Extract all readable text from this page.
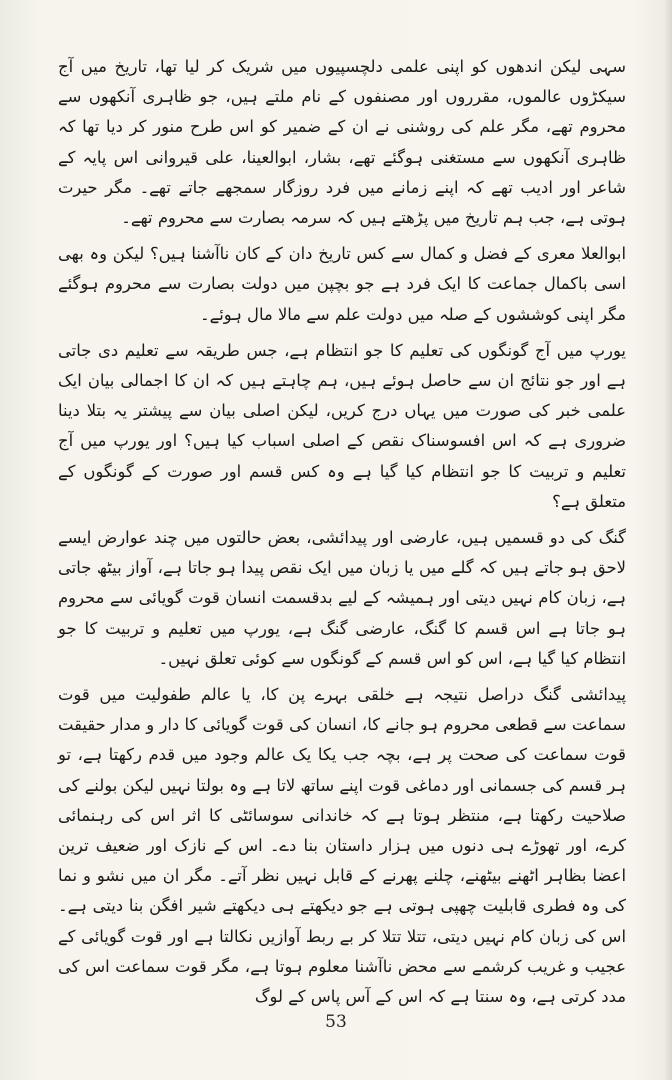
سہی لیکن اندھوں کو اپنی علمی دلچسپیوں میں شریک کر لیا تھا، تاریخ میں آج سیکڑوں عالموں، مقرروں اور مصنفوں کے نام ملتے ہیں، جو ظاہری آنکھوں سے محروم تھے، مگر علم کی روشنی نے ان کے ضمیر کو اس طرح منور کر دیا تھا کہ ظاہری آنکھوں سے مستغنی ہوگئے تھے، بشار، ابوالعینا، علی قیروانی اس پایہ کے شاعر اور ادیب تھے کہ اپنے زمانے میں فرد روزگار سمجھے جاتے تھے۔ مگر حیرت ہوتی ہے، جب ہم تاریخ میں پڑھتے ہیں کہ سرمہ بصارت سے محروم تھے۔

ابوالعلا معری کے فضل و کمال سے کس تاریخ دان کے کان ناآشنا ہیں؟ لیکن وہ بھی اسی باکمال جماعت کا ایک فرد ہے جو بچپن میں دولت بصارت سے محروم ہوگئے مگر اپنی کوششوں کے صلہ میں دولت علم سے مالا مال ہوئے۔

یورپ میں آج گونگوں کی تعلیم کا جو انتظام ہے، جس طریقہ سے تعلیم دی جاتی ہے اور جو نتائج ان سے حاصل ہوئے ہیں، ہم چاہتے ہیں کہ ان کا اجمالی بیان ایک علمی خبر کی صورت میں یہاں درج کریں، لیکن اصلی بیان سے پیشتر یہ بتلا دینا ضروری ہے کہ اس افسوسناک نقص کے اصلی اسباب کیا ہیں؟ اور یورپ میں آج تعلیم و تربیت کا جو انتظام کیا گیا ہے وہ کس قسم اور صورت کے گونگوں کے متعلق ہے؟

گنگ کی دو قسمیں ہیں، عارضی اور پیدائشی، بعض حالتوں میں چند عوارض ایسے لاحق ہو جاتے ہیں کہ گلے میں یا زبان میں ایک نقص پیدا ہو جاتا ہے، آواز بیٹھ جاتی ہے، زبان کام نہیں دیتی اور ہمیشہ کے لیے بدقسمت انسان قوت گویائی سے محروم ہو جاتا ہے اس قسم کا گنگ، عارضی گنگ ہے، یورپ میں تعلیم و تربیت کا جو انتظام کیا گیا ہے، اس کو اس قسم کے گونگوں سے کوئی تعلق نہیں۔

پیدائشی گنگ دراصل نتیجہ ہے خلقی بہرے پن کا، یا عالم طفولیت میں قوت سماعت سے قطعی محروم ہو جانے کا، انسان کی قوت گویائی کا دار و مدار حقیقت قوت سماعت کی صحت پر ہے، بچہ جب یکا یک عالم وجود میں قدم رکھتا ہے، تو ہر قسم کی جسمانی اور دماغی قوت اپنے ساتھ لاتا ہے وہ بولتا نہیں لیکن بولنے کی صلاحیت رکھتا ہے، منتظر ہوتا ہے کہ خاندانی سوسائٹی کا اثر اس کی رہنمائی کرے، اور تھوڑے ہی دنوں میں ہزار داستان بنا دے۔ اس کے نازک اور ضعیف ترین اعضا بظاہر اٹھنے بیٹھنے، چلنے پھرنے کے قابل نہیں نظر آتے۔ مگر ان میں نشو و نما کی وہ فطری قابلیت چھپی ہوتی ہے جو دیکھتے ہی دیکھتے شیر افگن بنا دیتی ہے۔ اس کی زبان کام نہیں دیتی، تتلا تتلا کر بے ربط آوازیں نکالتا ہے اور قوت گویائی کے عجیب و غریب کرشمے سے محض ناآشنا معلوم ہوتا ہے، مگر قوت سماعت اس کی مدد کرتی ہے، وہ سنتا ہے کہ اس کے آس پاس کے لوگ

53
